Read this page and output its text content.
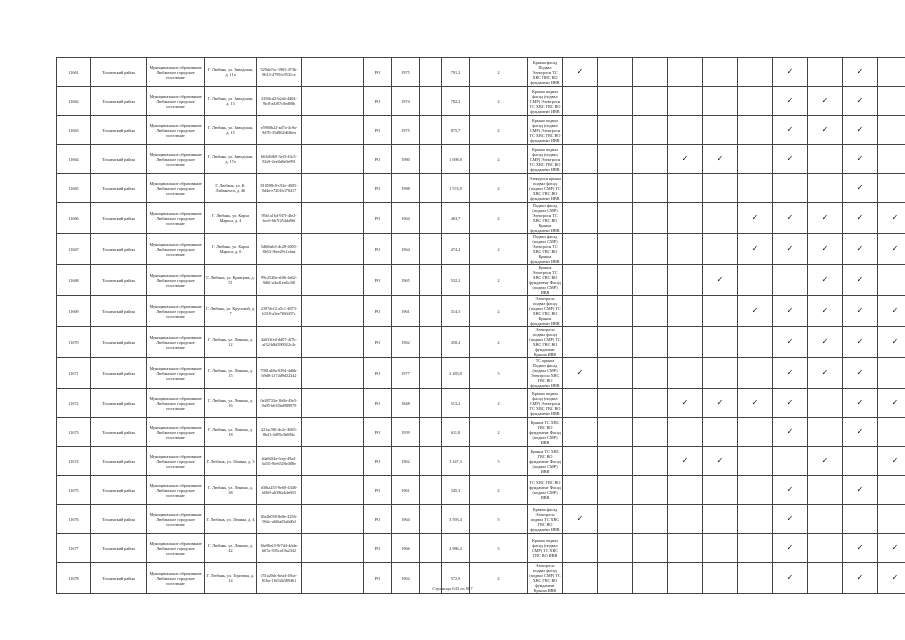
11661	Тосненский район	Муниципальное образование Любанское городское поселение	Г. Любань, ул. Заводская, д. 11а	929da7ec-1965-473b-9b13-4795fc9531ce		РО	1975		791,2	2	Крыша фасад Подвал Электросн ТС ХВС ПВС ВО фундамент ИВВ	✓						✓		✓	
11662	Тосненский район	Муниципальное образование Любанское городское поселение	Г. Любань, ул. Заводская, д. 13	329ffcd2-b2ab-4d04-9fc8-a4f07c0ed08b		РО	1974		782,2	2	Крыша подвал фасад (подвал СМР) Электросн ТС ХВС ГВС ВО фундамент ИВВ							✓	✓	✓	
11663	Тосненский район	Муниципальное образование Любанское городское поселение	Г. Любань, ул. Заводская, д. 15	e5960b22-ad7a-4c9a-9d70-35d862d6f6ea		РО	1975		875,7	2	Крыша подвал фасад (подвал СМР) Электросн ТС ХВС ГВС ВО фундамент ИВВ							✓	✓	✓	
11664	Тосненский район	Муниципальное образование Любанское городское поселение	Г. Любань, ул. Заводская, д. 17а	b63d6fb9-3ef3-43c5-92e9-2ee0a8e0e991		РО	1980		1 698,0	2	Крыша подвал фасад (подвал СМР) Электросн ТС ХВС ГВС ВО фундамент ИВВ				✓	✓		✓		✓	
11665	Тосненский район	Муниципальное образование Любанское городское поселение	Г. Любань, ул. К. Либкнехта, д. 46	810598c9-c92e-4005-9d4a-e7201b370417		РО	1988		1 574,0	2	Электросн крыша подвал фасад (подвал СМР) ТС ХВС ГВС ВО фундамент ИВВ									✓	
11666	Тосненский район	Муниципальное образование Любанское городское поселение	Г. Любань, ул. Карла Маркса, д. 4	95b1a1b4-9f7f-4fe2-bcc6-6b7f254da96f		РО	1964		463,7	2	Подвал фасад (подвал СМР) Электросн ТС ХВС ГВС ВО Крыша фундамент ИВВ						✓	✓	✓	✓	✓
11667	Тосненский район	Муниципальное образование Любанское городское поселение	Г. Любань, ул. Карла Маркса, д. 6	5d6f6ab3-dc28-4005-8b53-f6ee29c1cbaa		РО	1964		474,2	2	Подвал фасад (подвал СМР) Электросн ТС ХВС ГВС ВО Крыша фундамент ИВВ						✓	✓	✓	✓	✓
11668	Тосненский район	Муниципальное образование Любанское городское поселение	Г. Любань, ул. Кравцова, д. 51	99c2520a-a0f6-4e62-9d6f-a4a41ea6c3f0		РО	1965		532,2	2	Крыша Электросн ТС ХВС ГВС ВО фундамент Фасад (подвал СМР) ИВВ					✓			✓	✓	
11669	Тосненский район	Муниципальное образование Любанское городское поселение	Г. Любань, ул. Крупской, д. 7	2397dcf2-a5c1-4873-b518-a3ee7f60d37c		РО	1961		314,3	2	Электросн подвал фасад (подвал СМР) ТС ХВС ГВС ВО Крыша фундамент ИВВ						✓	✓	✓	✓	✓
11670	Тосненский район	Муниципальное образование Любанское городское поселение	Г. Любань, ул. Ленина, д. 12	4a633fe4-dd07-4f7b-af32-b8d390922c4c		РО	1962		458,2	2	Электросн подвал фасад (подвал СМР) ТС ХВС ГВС ВО фундамент Крыша ИВВ							✓	✓	✓	✓
11671	Тосненский район	Муниципальное образование Любанское городское поселение	Г. Любань, ул. Ленина, д. 15	7981ab9a-0394-4d6b-b9d8-2174d9d32342		РО	1977		2 283,0	5	ТС крыша Подвал фасад (подвал СМР) Электросн ХВС ГВС ВО фундамент ИВВ	✓						✓	✓	✓	
11672	Тосненский район	Муниципальное образование Любанское городское поселение	Г. Любань, ул. Ленина, д. 16	0e28733a-1b6b-43e5-9a05-b635bd989979		РО	1848		513,2	2	Крыша подвал фасад (подвал СМР) Электросн ТС ХВС ГВС ВО фундамент ИВВ				✓	✓	✓	✓		✓	✓
11673	Тосненский район	Муниципальное образование Любанское городское поселение	Г. Любань, ул. Ленина, д. 18	421ac58f-dc2c-4665-8b41-4d95e3b69dc		РО	1959		611,8	2	Крыша ТС ХВС ГВС ВО фундамент Фасад (подвал СМР) ИВВ							✓		✓	
11674	Тосненский район	Муниципальное образование Любанское городское поселение	Г. Любань, ул. Ленина, д. 3	4da60f4a-fcep-49a4-bd35-9fe6528e488e		РО	1962		3 247,3	5	Крыша ТС ХВС ГВС ВО фундамент Фасад (подвал СМР) ИВВ				✓	✓			✓		✓
11675	Тосненский район	Муниципальное образование Любанское городское поселение	Г. Любань, ул. Ленина, д. 38	d38fa255-9e60-4346-b0b9-a639fa4de693		РО	1961		345,3	2	ТС ХВС ГВС ВО фундамент Фасад (подвал СМР) ИВВ							✓		✓	
11676	Тосненский район	Муниципальное образование Любанское городское поселение	Г. Любань, ул. Ленина, д. 4	f0a2b058-8e8e-4256-964c-a6f6a03a6d0d		РО	1964		3 593,4	5	Крыша фасад Электросн подвал ТС ХВС ГВС ВО фундамент ИВВ	✓						✓			
11677	Тосненский район	Муниципальное образование Любанское городское поселение	Г. Любань, ул. Ленина, д. 42	16e96ef3-9f7d4-4dda-b67a-395ca19a2342		РО	1966		2 986,2	5	Крыша подвал фасад (подвал СМР) ТС ХВС ГВС ВО ИВВ							✓		✓	✓
11678	Тосненский район	Муниципальное образование Любанское городское поселение	Г. Любань, ул. Торговая, д. 14	f51a20dc-bea4-49ca-816a-11652b389461		РО	1962		572,9	2	Электросн подвал фасад (подвал СМР) ТС ХВС ГВС ВО фундамент Крыша ИВВ							✓		✓	✓
Страница 643 из 687
